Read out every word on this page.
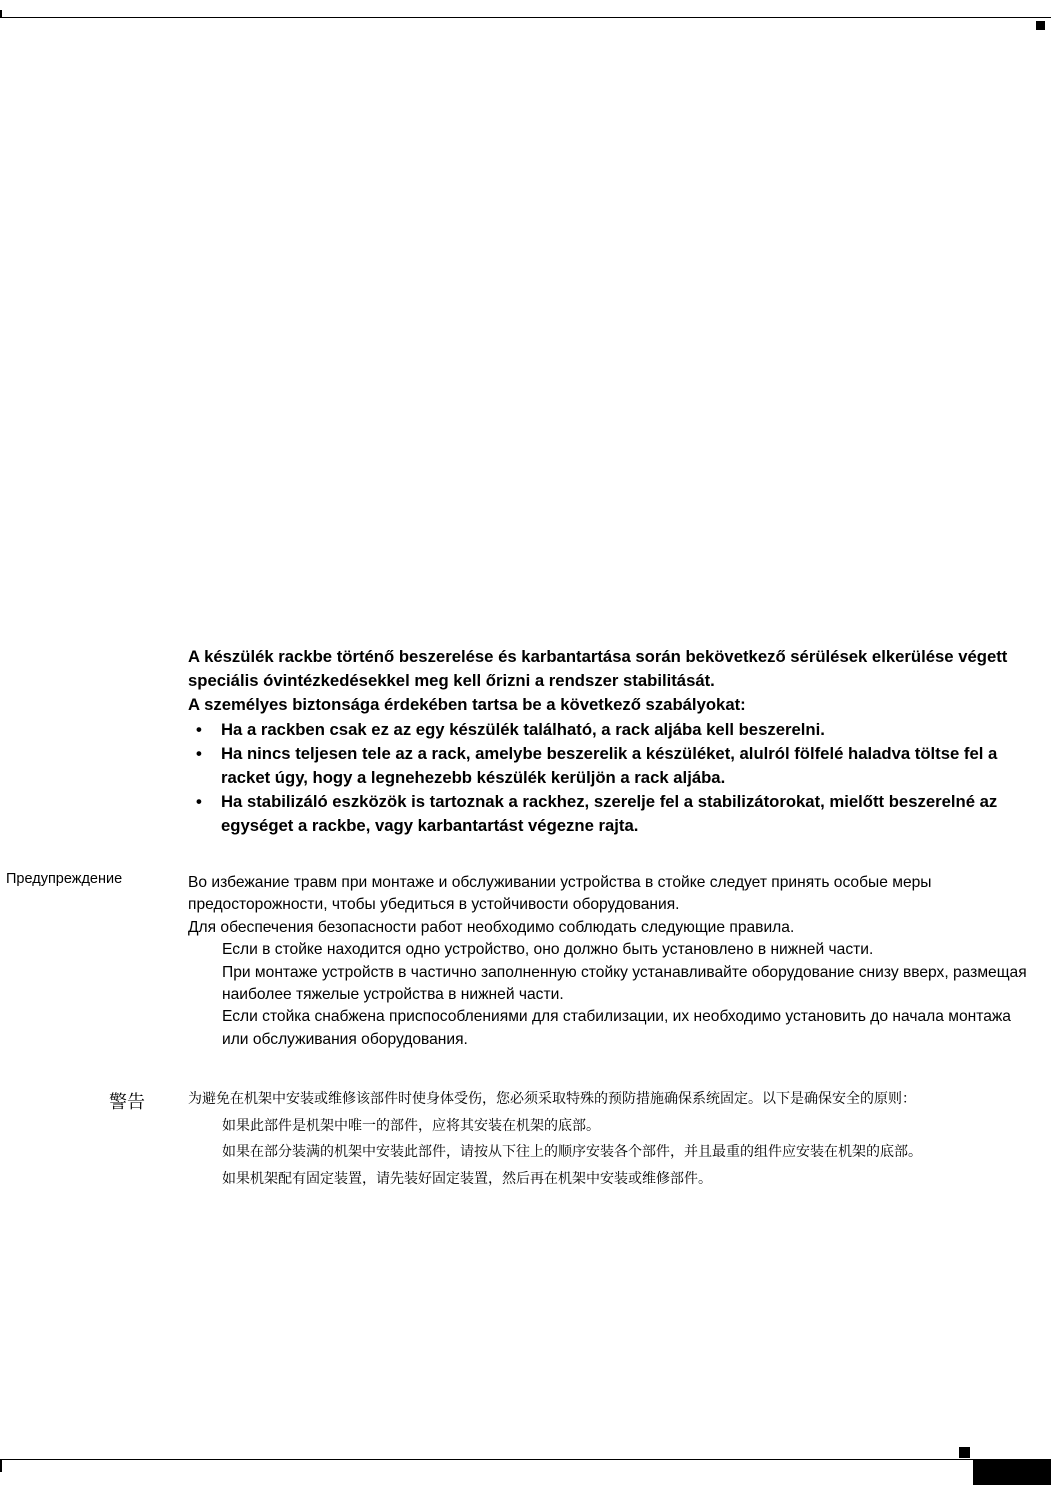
A készülék rackbe történő beszerelése és karbantartása során bekövetkező sérülések elkerülése végett speciális óvintézkedésekkel meg kell őrizni a rendszer stabilitását.

A személyes biztonsága érdekében tartsa be a következő szabályokat:

• Ha a rackben csak ez az egy készülék található, a rack aljába kell beszerelni.
• Ha nincs teljesen tele az a rack, amelybe beszerelik a készüléket, alulról fölfelé haladva töltse fel a racket úgy, hogy a legnehezebb készülék kerüljön a rack aljába.
• Ha stabilizáló eszközök is tartoznak a rackhez, szerelje fel a stabilizátorokat, mielőtt beszerelné az egységet a rackbe, vagy karbantartást végezne rajta.
Предупреждение	Во избежание травм при монтаже и обслуживании устройства в стойке следует принять особые меры предосторожности, чтобы убедиться в устойчивости оборудования.

Для обеспечения безопасности работ необходимо соблюдать следующие правила.

Если в стойке находится одно устройство, оно должно быть установлено в нижней части.
При монтаже устройств в частично заполненную стойку устанавливайте оборудование снизу вверх, размещая наиболее тяжелые устройства в нижней части.
Если стойка снабжена приспособлениями для стабилизации, их необходимо установить до начала монтажа или обслуживания оборудования.
警告	为避免在机架中安装或维修该部件时使身体受伤，您必须采取特殊的预防措施确保系统固定。以下是确保安全的原则：

如果此部件是机架中唯一的部件，应将其安装在机架的底部。
如果在部分装满的机架中安装此部件，请按从下往上的顺序安装各个部件，并且最重的组件应安装在机架的底部。
如果机架配有固定装置，请先装好固定装置，然后再在机架中安装或维修部件。
